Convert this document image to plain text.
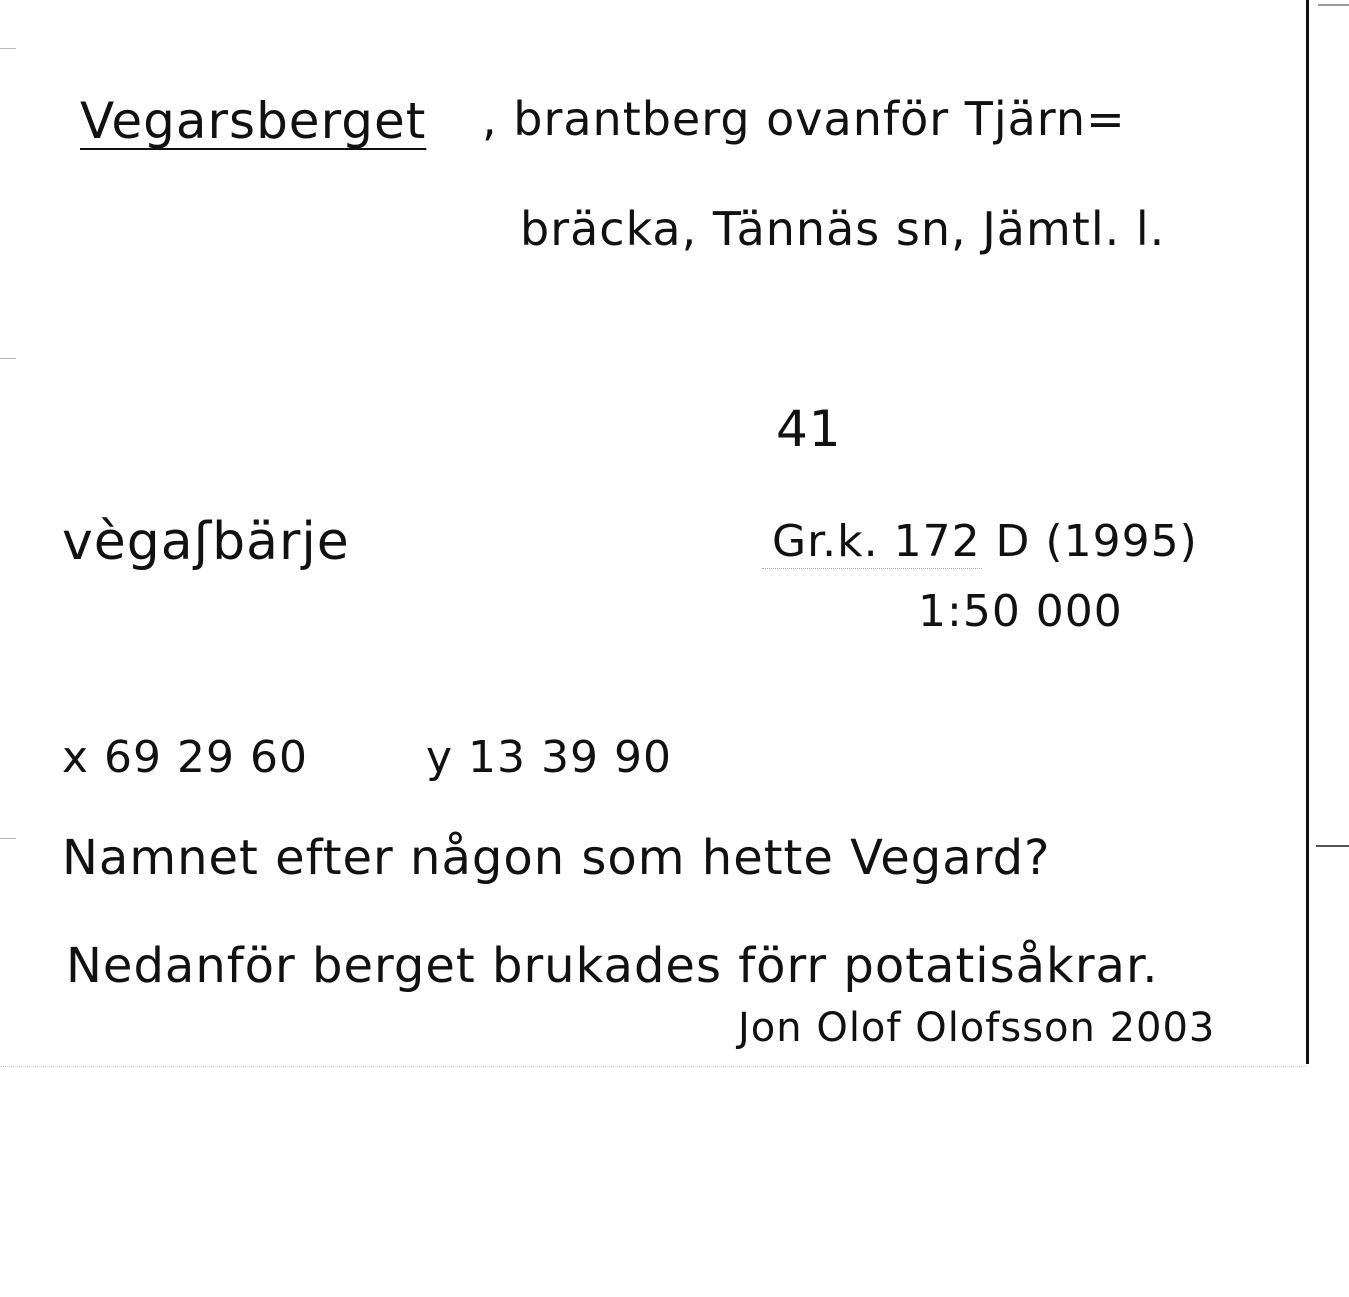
Vegarsberget , brantberg ovanför Tjärn=
bräcka, Tännäs sn, Jämtl. l.
41
vègaʃbärje	Gr.k. 172 D (1995)
1:50 000
x 69 29 60	y 13 39 90
Namnet efter någon som hette Vegard?
Nedanför berget brukades förr potatisåkrar.
Jon Olof Olofsson 2003
